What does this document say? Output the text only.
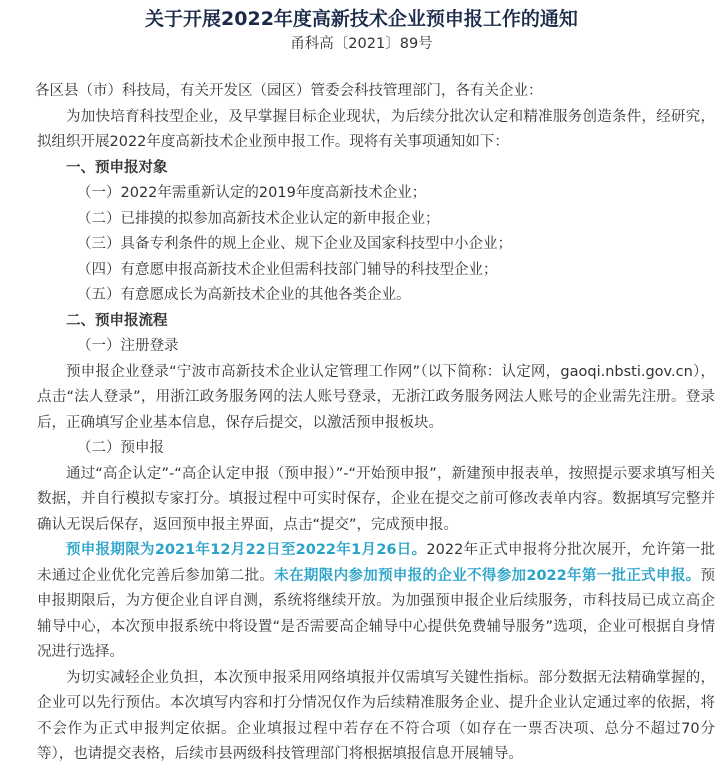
关于开展2022年度高新技术企业预申报工作的通知
甬科高〔2021〕89号

各区县（市）科技局，有关开发区（园区）管委会科技管理部门，各有关企业：

为加快培育科技型企业，及早掌握目标企业现状，为后续分批次认定和精准服务创造条件，经研究，拟组织开展2022年度高新技术企业预申报工作。现将有关事项通知如下：

一、预申报对象

（一）2022年需重新认定的2019年度高新技术企业；

（二）已排摸的拟参加高新技术企业认定的新申报企业；

（三）具备专利条件的规上企业、规下企业及国家科技型中小企业；

（四）有意愿申报高新技术企业但需科技部门辅导的科技型企业；

（五）有意愿成长为高新技术企业的其他各类企业。

二、预申报流程

（一）注册登录

预申报企业登录“宁波市高新技术企业认定管理工作网”（以下简称：认定网，gaoqi.nbsti.gov.cn），点击“法人登录”，用浙江政务服务网的法人账号登录，无浙江政务服务网法人账号的企业需先注册。登录后，正确填写企业基本信息，保存后提交，以激活预申报板块。

（二）预申报

通过“高企认定”-“高企认定申报（预申报）”-“开始预申报”，新建预申报表单，按照提示要求填写相关数据，并自行模拟专家打分。填报过程中可实时保存，企业在提交之前可修改表单内容。数据填写完整并确认无误后保存，返回预申报主界面，点击“提交”，完成预申报。

预申报期限为2021年12月22日至2022年1月26日。2022年正式申报将分批次展开，允许第一批未通过企业优化完善后参加第二批。未在期限内参加预申报的企业不得参加2022年第一批正式申报。预申报期限后，为方便企业自评自测，系统将继续开放。为加强预申报企业后续服务，市科技局已成立高企辅导中心，本次预申报系统中将设置“是否需要高企辅导中心提供免费辅导服务”选项，企业可根据自身情况进行选择。

为切实减轻企业负担，本次预申报采用网络填报并仅需填写关键性指标。部分数据无法精确掌握的，企业可以先行预估。本次填写内容和打分情况仅作为后续精准服务企业、提升企业认定通过率的依据，将不会作为正式申报判定依据。企业填报过程中若存在不符合项（如存在一票否决项、总分不超过70分等），也请提交表格，后续市县两级科技管理部门将根据填报信息开展辅导。
